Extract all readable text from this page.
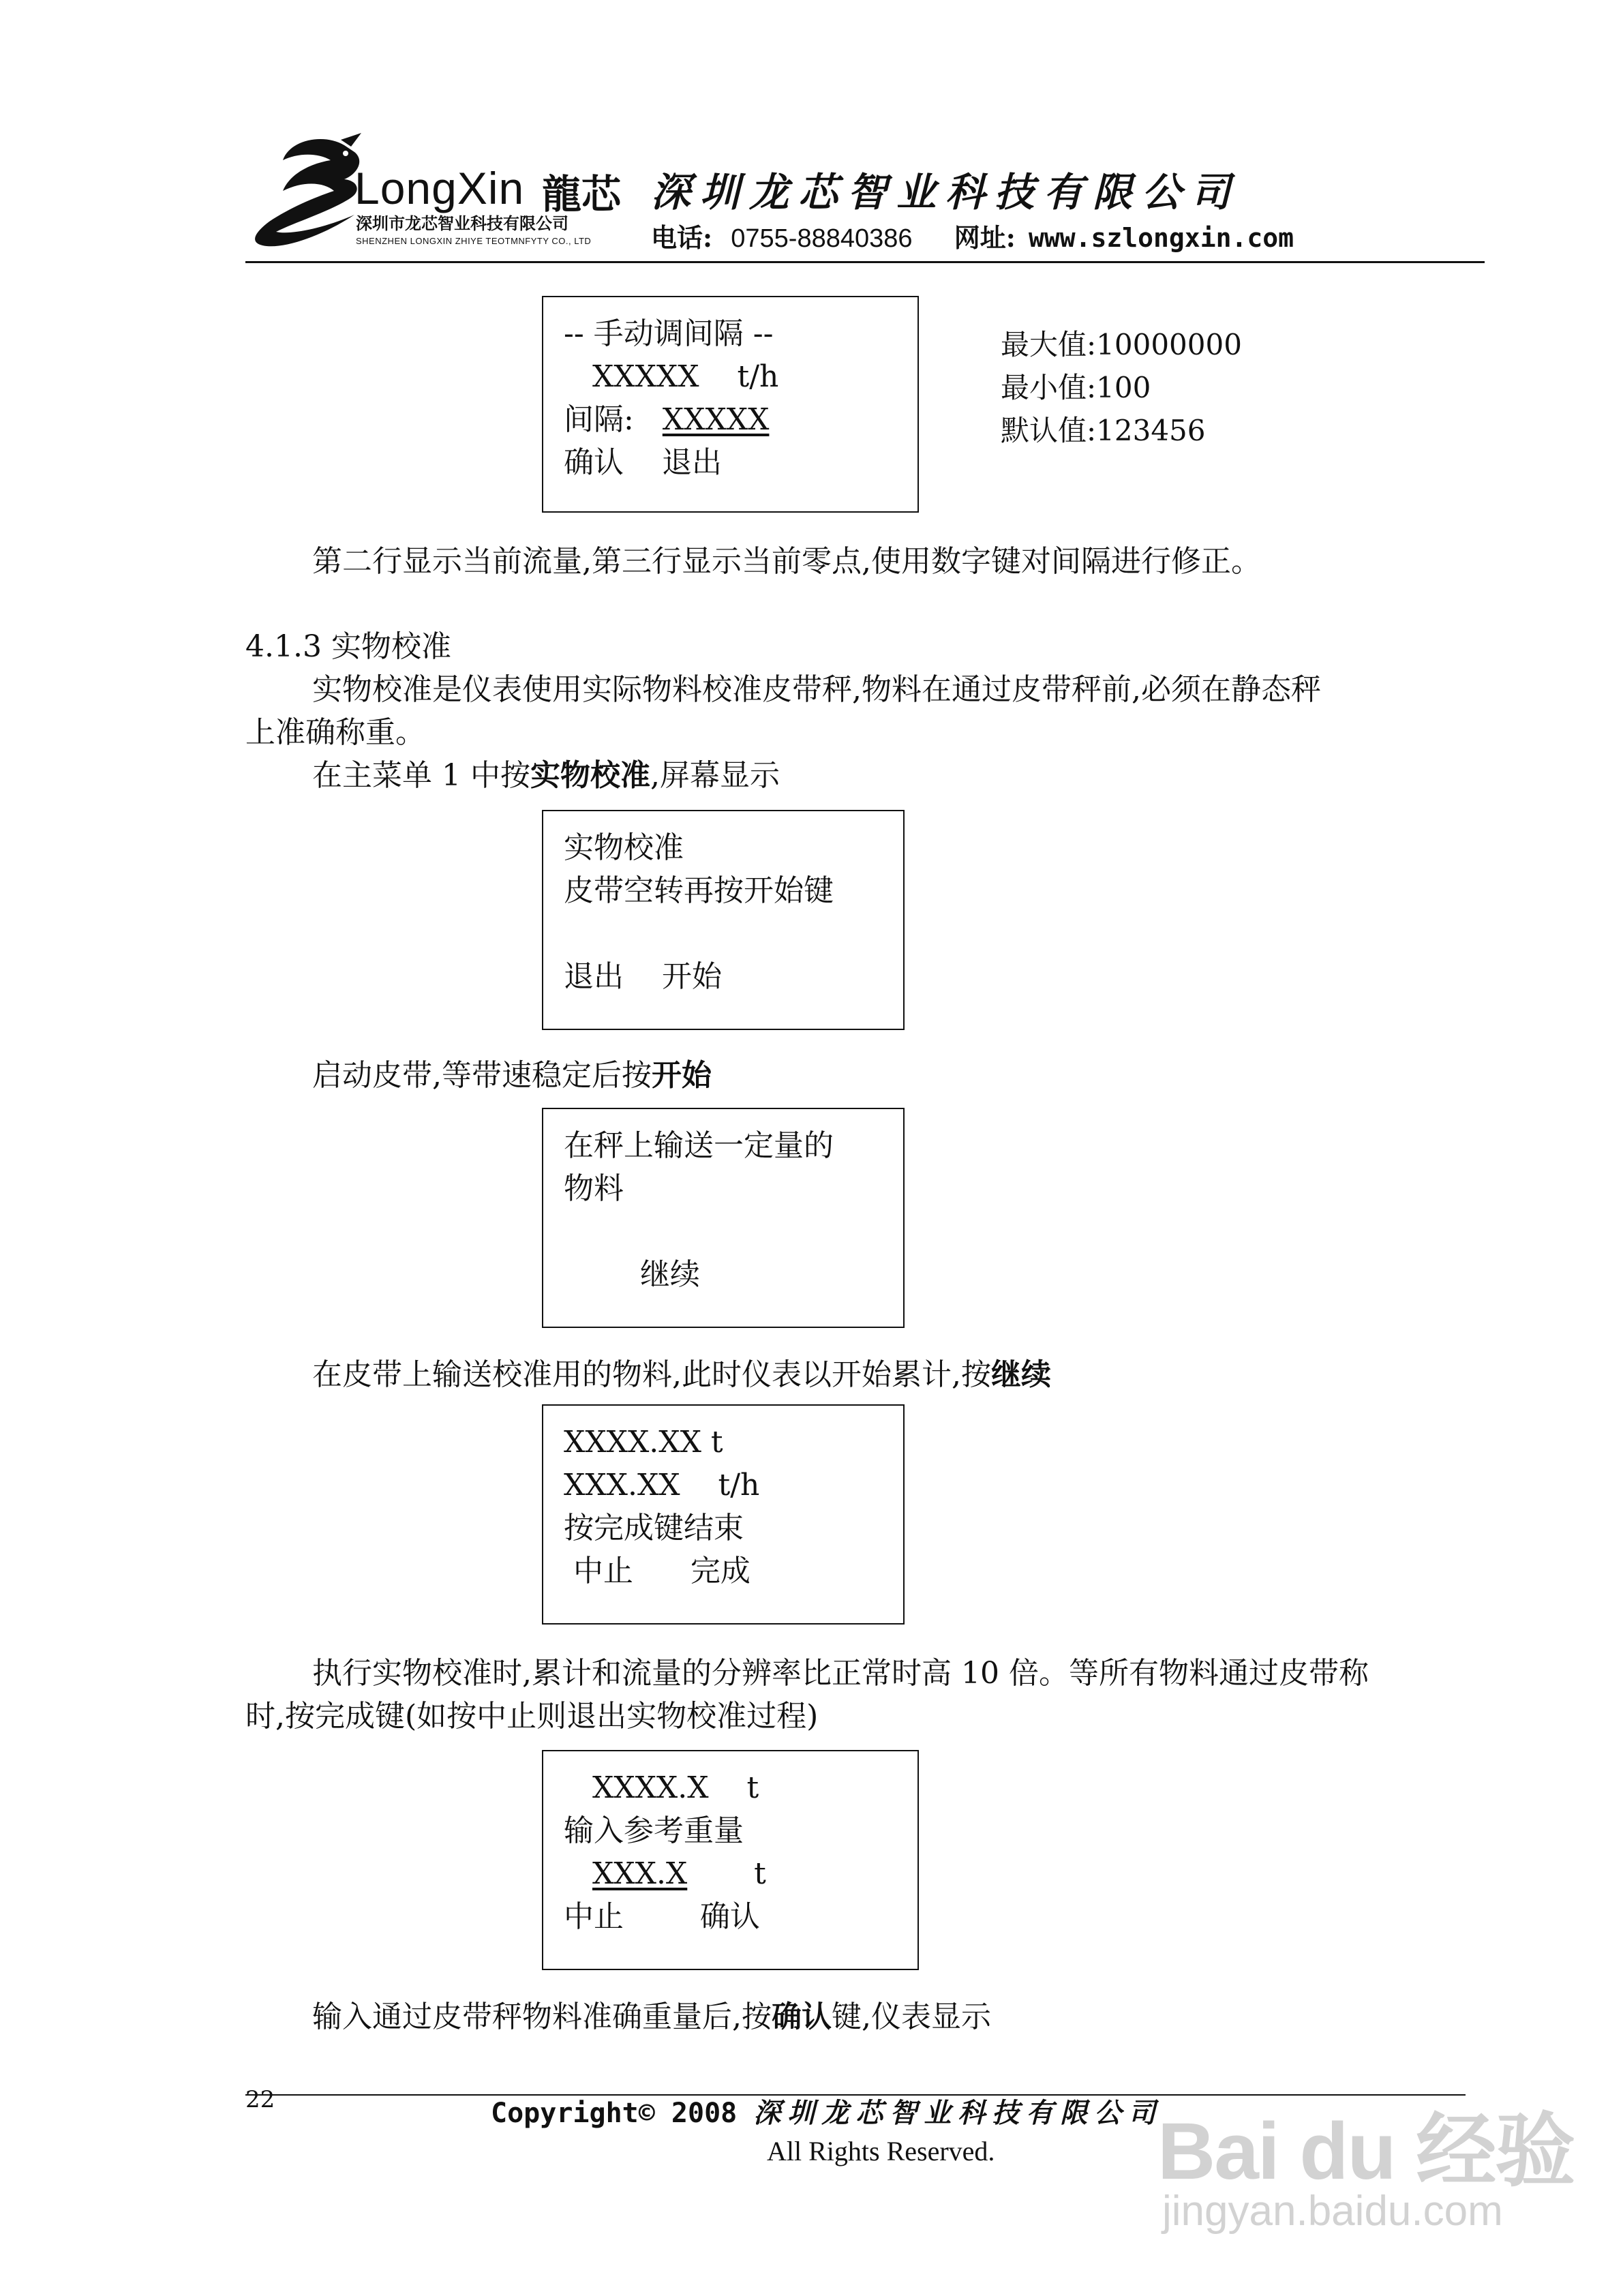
LongXin 龍芯
深圳市龙芯智业科技有限公司
SHENZHEN LONGXIN ZHIYE TEOTMNFYTY CO., LTD
深圳龙芯智业科技有限公司
电话: 0755-88840386 网址: www.szlongxin.com
-- 手动调间隔 --
XXXXX    t/h
间隔:   XXXXX
确认    退出
最大值:10000000
最小值:100
默认值:123456
第二行显示当前流量,第三行显示当前零点,使用数字键对间隔进行修正。
4.1.3 实物校准
实物校准是仪表使用实际物料校准皮带秤,物料在通过皮带秤前,必须在静态秤
上准确称重。
在主菜单 1 中按实物校准,屏幕显示
实物校准
皮带空转再按开始键
退出    开始
启动皮带,等带速稳定后按开始
在秤上输送一定量的
物料
继续
在皮带上输送校准用的物料,此时仪表以开始累计,按继续
XXXX.XX t
XXX.XX    t/h
按完成键结束
中止      完成
执行实物校准时,累计和流量的分辨率比正常时高 10 倍。等所有物料通过皮带称
时,按完成键(如按中止则退出实物校准过程)
XXXX.X    t
输入参考重量
XXX.X       t
中止        确认
输入通过皮带秤物料准确重量后,按确认键,仪表显示
22	Copyright© 2008 深圳龙芯智业科技有限公司
All Rights Reserved. Bai du 经验
jingyan.baidu.com
